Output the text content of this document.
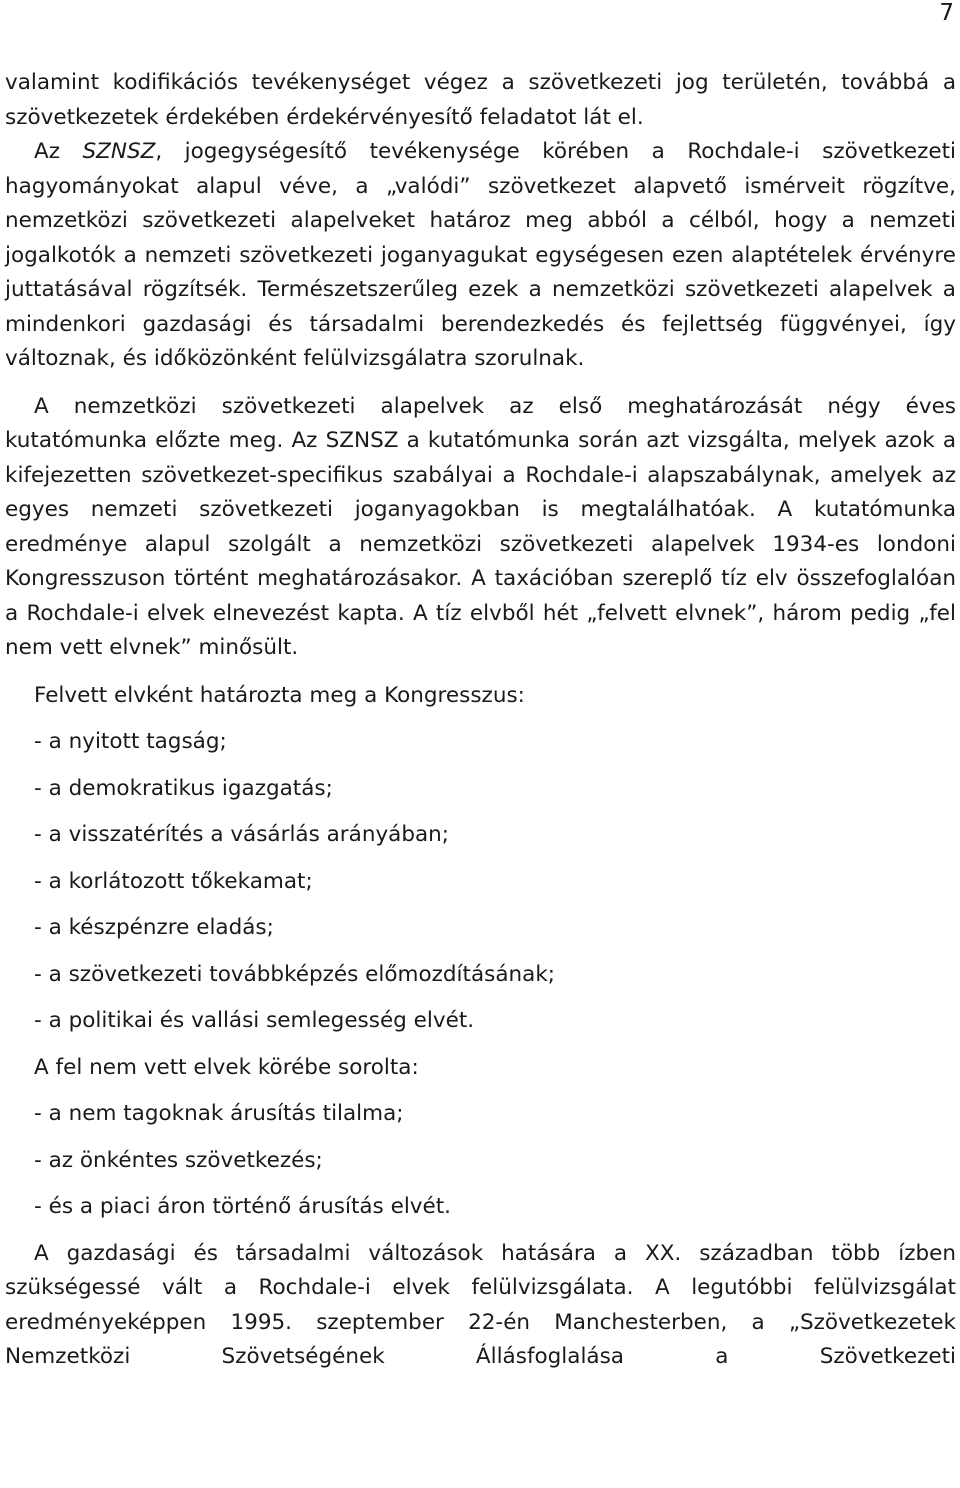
7

valamint kodifikációs tevékenységet végez a szövetkezeti jog területén, továbbá a szövetkezetek érdekében érdekérvényesítő feladatot lát el.

Az SZNSZ, jogegységesítő tevékenysége körében a Rochdale-i szövetkezeti hagyományokat alapul véve, a „valódi” szövetkezet alapvető ismérveit rögzítve, nemzetközi szövetkezeti alapelveket határoz meg abból a célból, hogy a nemzeti jogalkotók a nemzeti szövetkezeti joganyagukat egységesen ezen alaptételek érvényre juttatásával rögzítsék. Természetszerűleg ezek a nemzetközi szövetkezeti alapelvek a mindenkori gazdasági és társadalmi berendezkedés és fejlettség függvényei, így változnak, és időközönként felülvizsgálatra szorulnak.

A nemzetközi szövetkezeti alapelvek az első meghatározását négy éves kutatómunka előzte meg. Az SZNSZ a kutatómunka során azt vizsgálta, melyek azok a kifejezetten szövetkezet-specifikus szabályai a Rochdale-i alapszabálynak, amelyek az egyes nemzeti szövetkezeti joganyagokban is megtalálhatóak. A kutatómunka eredménye alapul szolgált a nemzetközi szövetkezeti alapelvek 1934-es londoni Kongresszuson történt meghatározásakor. A taxációban szereplő tíz elv összefoglalóan a Rochdale-i elvek elnevezést kapta. A tíz elvből hét „felvett elvnek”, három pedig „fel nem vett elvnek” minősült.

Felvett elvként határozta meg a Kongresszus:

- a nyitott tagság;

- a demokratikus igazgatás;

- a visszatérítés a vásárlás arányában;

- a korlátozott tőkekamat;

- a készpénzre eladás;

- a szövetkezeti továbbképzés előmozdításának;

- a politikai és vallási semlegesség elvét.

A fel nem vett elvek körébe sorolta:

- a nem tagoknak árusítás tilalma;

- az önkéntes szövetkezés;

- és a piaci áron történő árusítás elvét.

A gazdasági és társadalmi változások hatására a XX. században több ízben szükségessé vált a Rochdale-i elvek felülvizsgálata. A legutóbbi felülvizsgálat eredményeképpen 1995. szeptember 22-én Manchesterben, a „Szövetkezetek Nemzetközi Szövetségének Állásfoglalása a Szövetkezeti
